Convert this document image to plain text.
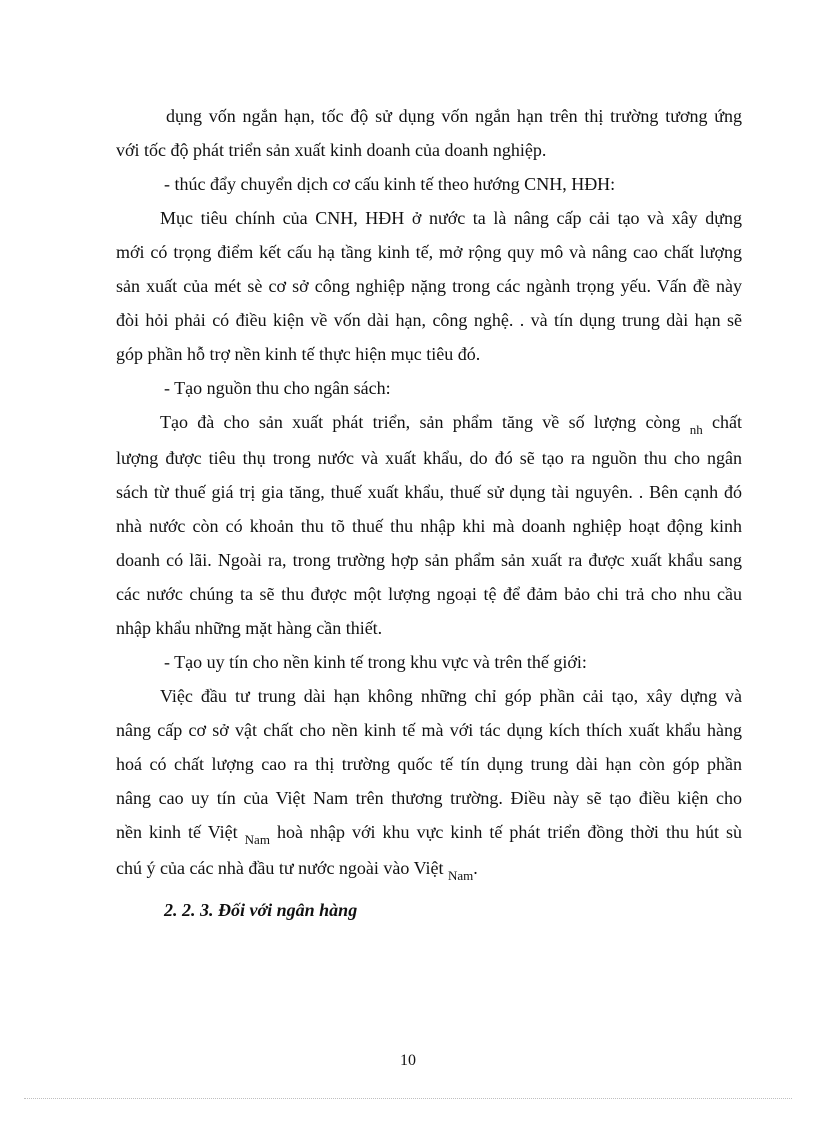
dụng vốn ngắn hạn, tốc độ sử dụng vốn ngắn hạn trên thị trường tương ứng

với tốc độ phát triển sản xuất kinh doanh của doanh nghiệp.

- thúc đẩy chuyển dịch cơ cấu kinh tế theo hướng CNH, HĐH:

Mục tiêu chính của CNH, HĐH ở nước ta là nâng cấp cải tạo và xây dựng
mới có trọng điểm kết cấu hạ tầng kinh tế, mở rộng quy mô và nâng cao chất lượng
sản xuất của mét sè cơ sở công nghiệp nặng trong các ngành trọng yếu. Vấn đề này
đòi hỏi phải có điều kiện về vốn dài hạn, công nghệ. . và tín dụng trung dài hạn sẽ
góp phần hỗ trợ nền kinh tế thực hiện mục tiêu đó.

- Tạo nguồn thu cho ngân sách:

Tạo đà cho sản xuất phát triển, sản phẩm tăng về số lượng còng $_{nh}$ chất
lượng được tiêu thụ trong nước và xuất khẩu, do đó sẽ tạo ra nguồn thu cho ngân
sách từ thuế giá trị gia tăng, thuế xuất khẩu, thuế sử dụng tài nguyên. . Bên cạnh đó
nhà nước còn có khoản thu tõ thuế thu nhập khi mà doanh nghiệp hoạt động kinh
doanh có lãi. Ngoài ra, trong trường hợp sản phẩm sản xuất ra được xuất khẩu sang
các nước chúng ta sẽ thu được một lượng ngoại tệ để đảm bảo chi trả cho nhu cầu
nhập khẩu những mặt hàng cần thiết.

- Tạo uy tín cho nền kinh tế trong khu vực và trên thế giới:

Việc đầu tư trung dài hạn không những chỉ góp phần cải tạo, xây dựng và
nâng cấp cơ sở vật chất cho nền kinh tế mà với tác dụng kích thích xuất khẩu hàng
hoá có chất lượng cao ra thị trường quốc tế tín dụng trung dài hạn còn góp phần
nâng cao uy tín của Việt Nam trên thương trường. Điều này sẽ tạo điều kiện cho
nền kinh tế Việt $_{Nam}$ hoà nhập với khu vực kinh tế phát triển đồng thời thu hút sù
chú ý của các nhà đầu tư nước ngoài vào Việt $_{Nam}$.

2. 2. 3. Đối với ngân hàng

10
